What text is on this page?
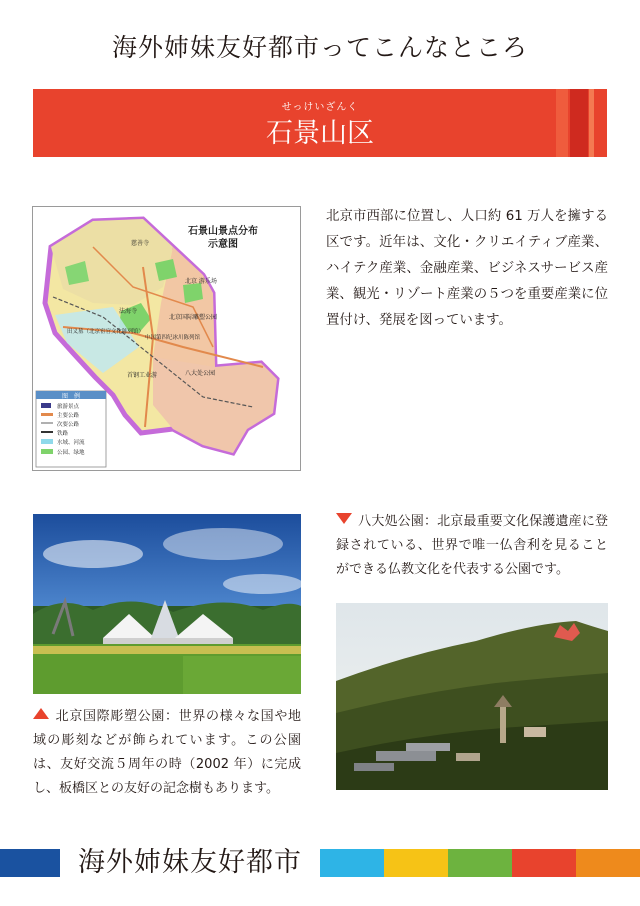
海外姉妹友好都市ってこんなところ
せっけいざんく
石景山区
石景山景点分布
示意图
慈善寺
法海寺
北京 游乐场
北京国际雕塑公园
首钢工业游
田义墓（北京宦官文化陈列馆）
中国第四纪冰川陈列馆
八大处公园
图　例
旅游景点
主要公路
次要公路
铁路
水域、河流
公园、绿地
北京市西部に位置し、人口約 61 万人を擁する区です。近年は、文化・クリエイティブ産業、ハイテク産業、金融産業、ビジネスサービス産業、観光・リゾート産業の５つを重要産業に位置付け、発展を図っています。
北京国際彫塑公園：世界の様々な国や地域の彫刻などが飾られています。この公園は、友好交流５周年の時（2002 年）に完成し、板橋区との友好の記念樹もあります。
八大処公園：北京最重要文化保護遺産に登録されている、世界で唯一仏舎利を見ることができる仏教文化を代表する公園です。
海外姉妹友好都市
